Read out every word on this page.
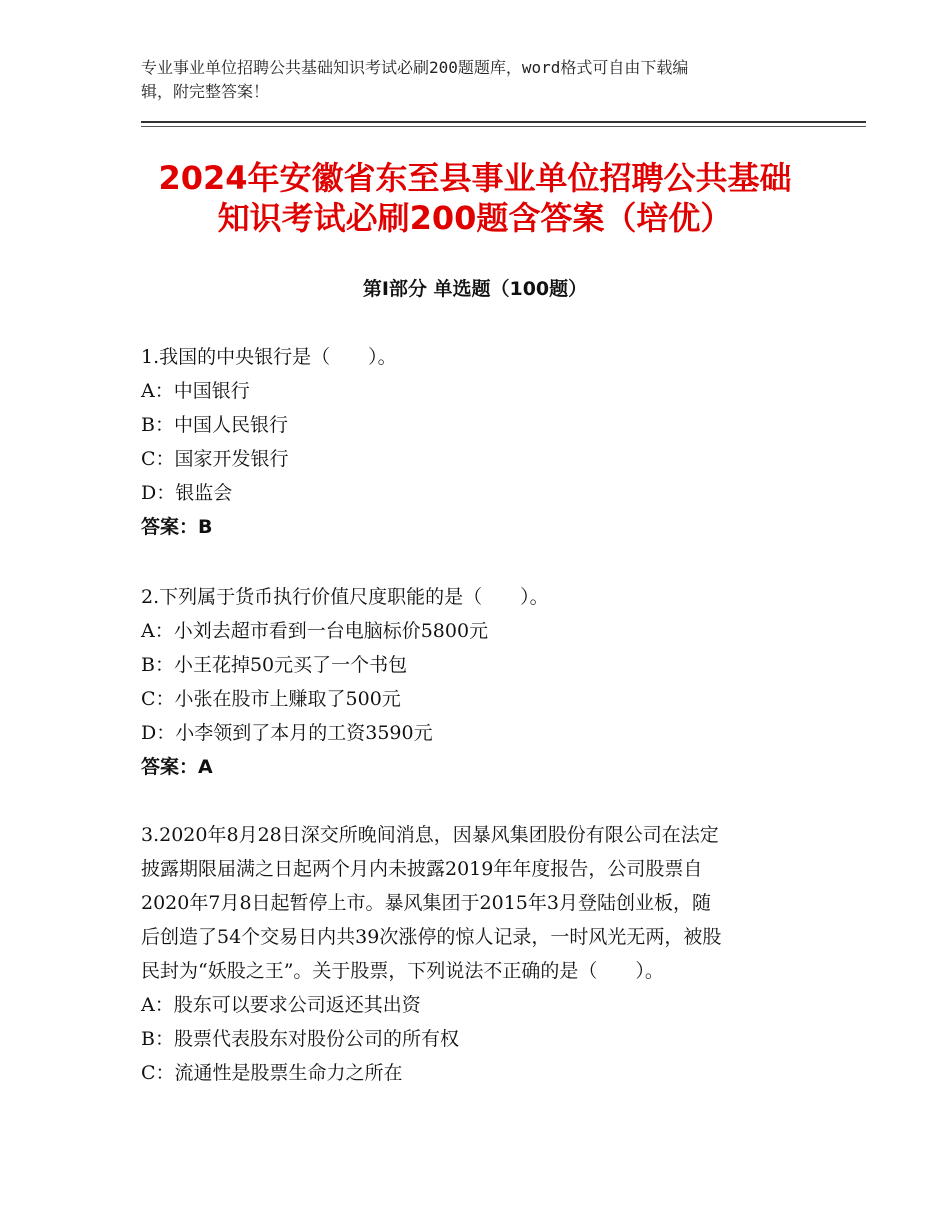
专业事业单位招聘公共基础知识考试必刷200题题库，word格式可自由下载编
辑，附完整答案！
2024年安徽省东至县事业单位招聘公共基础
知识考试必刷200题含答案（培优）
第Ⅰ部分 单选题（100题）
1.我国的中央银行是（　　）。
A：中国银行
B：中国人民银行
C：国家开发银行
D：银监会
答案：B
2.下列属于货币执行价值尺度职能的是（　　）。
A：小刘去超市看到一台电脑标价5800元
B：小王花掉50元买了一个书包
C：小张在股市上赚取了500元
D：小李领到了本月的工资3590元
答案：A
3.2020年8月28日深交所晚间消息，因暴风集团股份有限公司在法定
披露期限届满之日起两个月内未披露2019年年度报告，公司股票自
2020年7月8日起暂停上市。暴风集团于2015年3月登陆创业板，随
后创造了54个交易日内共39次涨停的惊人记录，一时风光无两，被股
民封为“妖股之王”。关于股票，下列说法不正确的是（　　）。
A：股东可以要求公司返还其出资
B：股票代表股东对股份公司的所有权
C：流通性是股票生命力之所在
